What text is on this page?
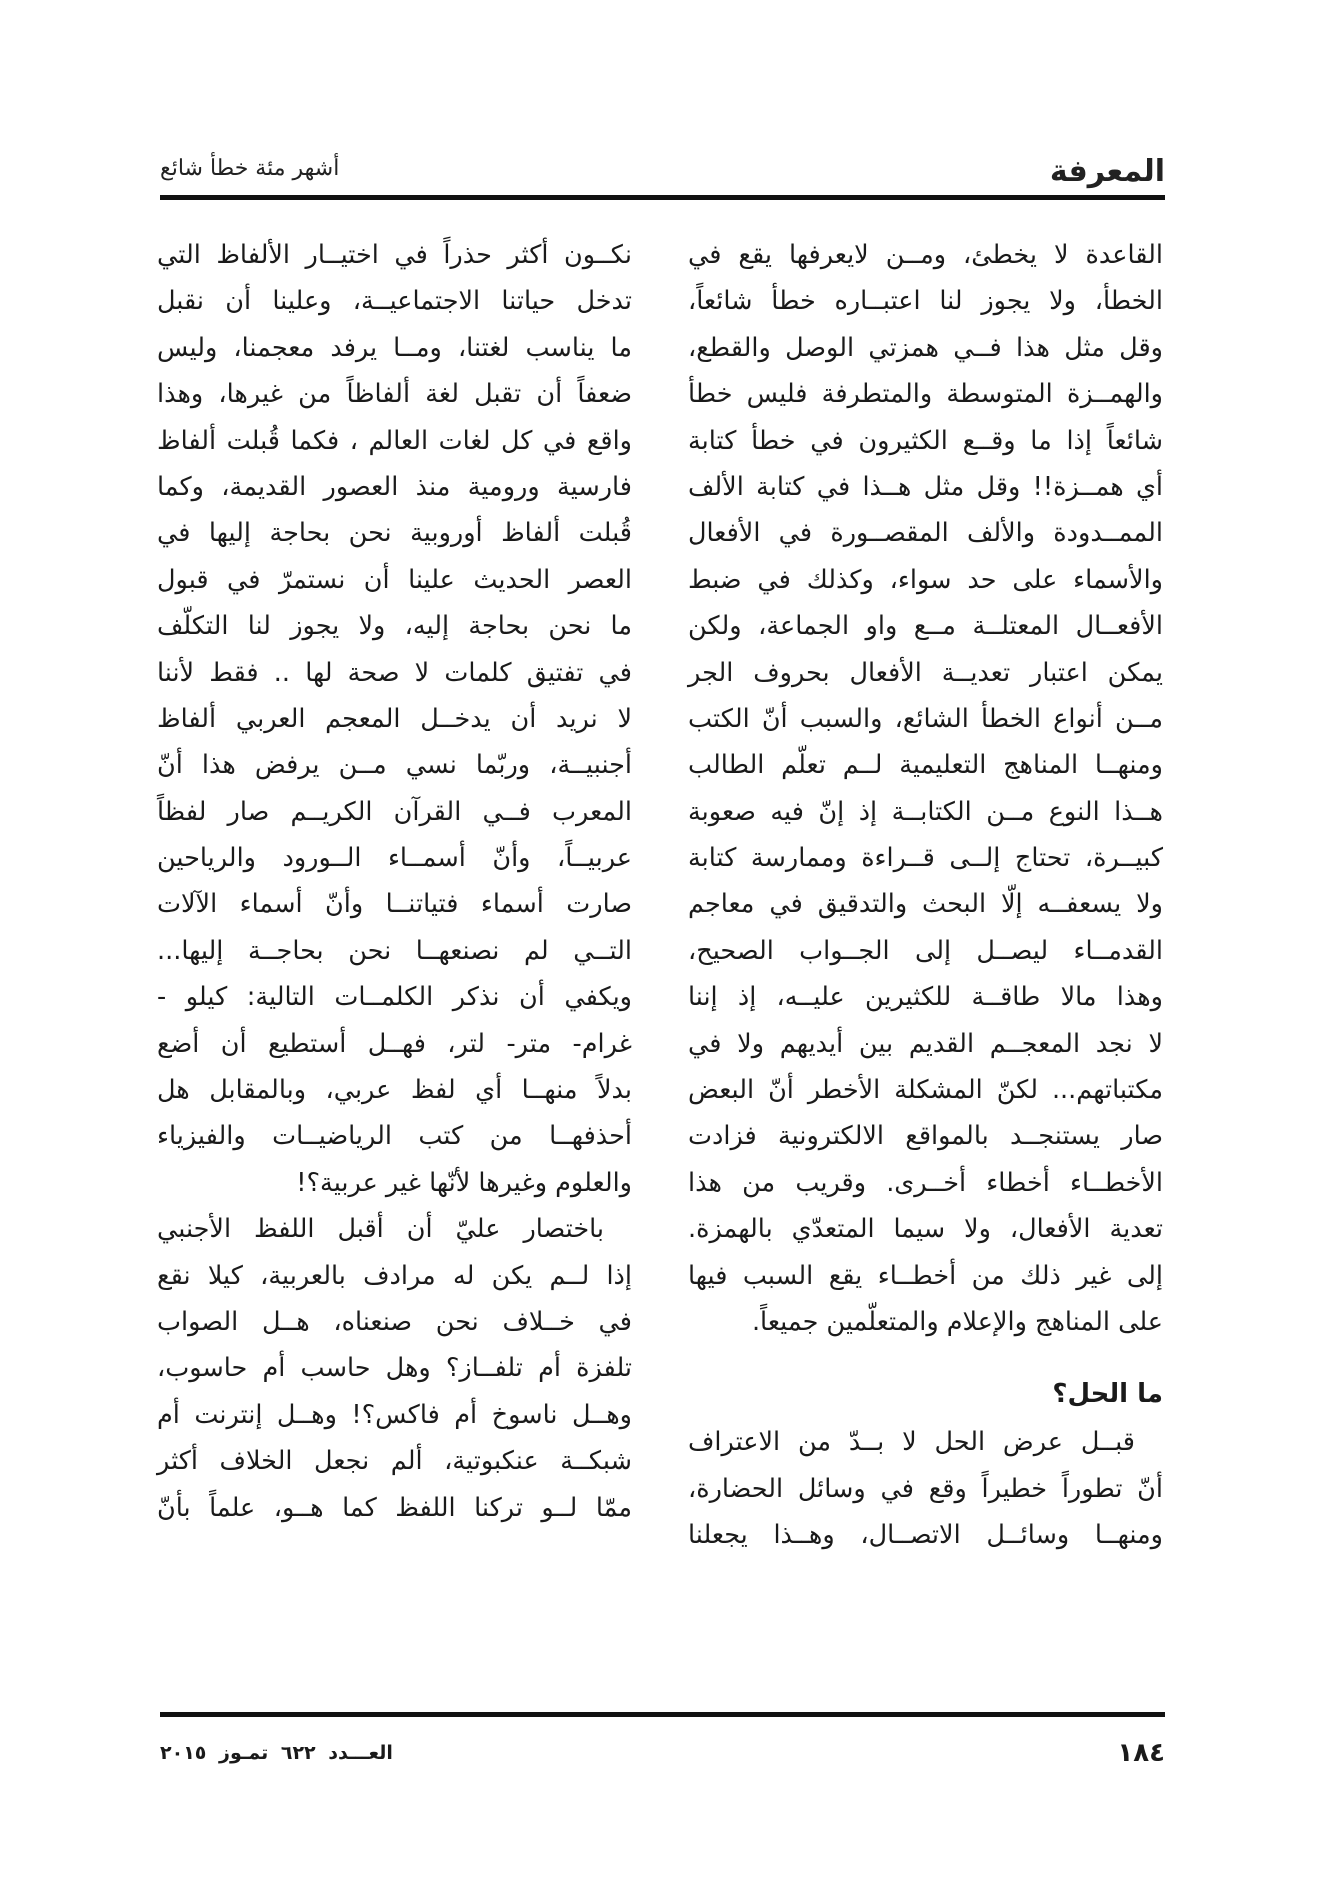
المعرفة
أشهر مئة خطأ شائع

القاعدة لا يخطئ، ومــن لايعرفها يقع في
الخطأ، ولا يجوز لنا اعتبــاره خطأ شائعاً،
وقل مثل هذا فــي همزتي الوصل والقطع،
والهمــزة المتوسطة والمتطرفة فليس خطأ
شائعاً إذا ما وقــع الكثيرون في خطأ كتابة
أي همــزة!! وقل مثل هــذا في كتابة الألف
الممــدودة والألف المقصــورة في الأفعال
والأسماء على حد سواء، وكذلك في ضبط
الأفعــال المعتلــة مــع واو الجماعة، ولكن
يمكن اعتبار تعديــة الأفعال بحروف الجر
مــن أنواع الخطأ الشائع، والسبب أنّ الكتب
ومنهــا المناهج التعليمية لــم تعلّم الطالب
هــذا النوع مــن الكتابــة إذ إنّ فيه صعوبة
كبيــرة، تحتاج إلــى قــراءة وممارسة كتابة
ولا يسعفــه إلّا البحث والتدقيق في معاجم
القدمــاء ليصــل إلى الجــواب الصحيح،
وهذا مالا طاقــة للكثيرين عليــه، إذ إننا
لا نجد المعجــم القديم بين أيديهم ولا في
مكتباتهم... لكنّ المشكلة الأخطر أنّ البعض
صار يستنجــد بالمواقع الالكترونية فزادت
الأخطــاء أخطاء أخــرى. وقريب من هذا
تعدية الأفعال، ولا سيما المتعدّي بالهمزة.
إلى غير ذلك من أخطــاء يقع السبب فيها
على المناهج والإعلام والمتعلّمين جميعاً.

ما الحل؟

قبــل عرض الحل لا بــدّ من الاعتراف
أنّ تطوراً خطيراً وقع في وسائل الحضارة،
ومنهــا وسائــل الاتصــال، وهــذا يجعلنا

نكــون أكثر حذراً في اختيــار الألفاظ التي
تدخل حياتنا الاجتماعيــة، وعلينا أن نقبل
ما يناسب لغتنا، ومــا يرفد معجمنا، وليس
ضعفاً أن تقبل لغة ألفاظاً من غيرها، وهذا
واقع في كل لغات العالم ، فكما قُبلت ألفاظ
فارسية ورومية منذ العصور القديمة، وكما
قُبلت ألفاظ أوروبية نحن بحاجة إليها في
العصر الحديث علينا أن نستمرّ في قبول
ما نحن بحاجة إليه، ولا يجوز لنا التكلّف
في تفتيق كلمات لا صحة لها .. فقط لأننا
لا نريد أن يدخــل المعجم العربي ألفاظ
أجنبيــة، وربّما نسي مــن يرفض هذا أنّ
المعرب فــي القرآن الكريــم صار لفظاً
عربيــاً، وأنّ أسمــاء الــورود والرياحين
صارت أسماء فتياتنــا وأنّ أسماء الآلات
التــي لم نصنعهــا نحن بحاجــة إليها...
ويكفي أن نذكر الكلمــات التالية: كيلو -
غرام- متر- لتر، فهــل أستطيع أن أضع
بدلاً منهــا أي لفظ عربي، وبالمقابل هل
أحذفهــا من كتب الرياضيــات والفيزياء
والعلوم وغيرها لأنّها غير عربية؟!

باختصار عليّ أن أقبل اللفظ الأجنبي
إذا لــم يكن له مرادف بالعربية، كيلا نقع
في خــلاف نحن صنعناه، هــل الصواب
تلفزة أم تلفــاز؟ وهل حاسب أم حاسوب،
وهــل ناسوخ أم فاكس؟! وهــل إنترنت أم
شبكــة عنكبوتية، ألم نجعل الخلاف أكثر
ممّا لــو تركنا اللفظ كما هــو، علماً بأنّ

١٨٤
العـــدد ٦٢٢ تمـوز ٢٠١٥
